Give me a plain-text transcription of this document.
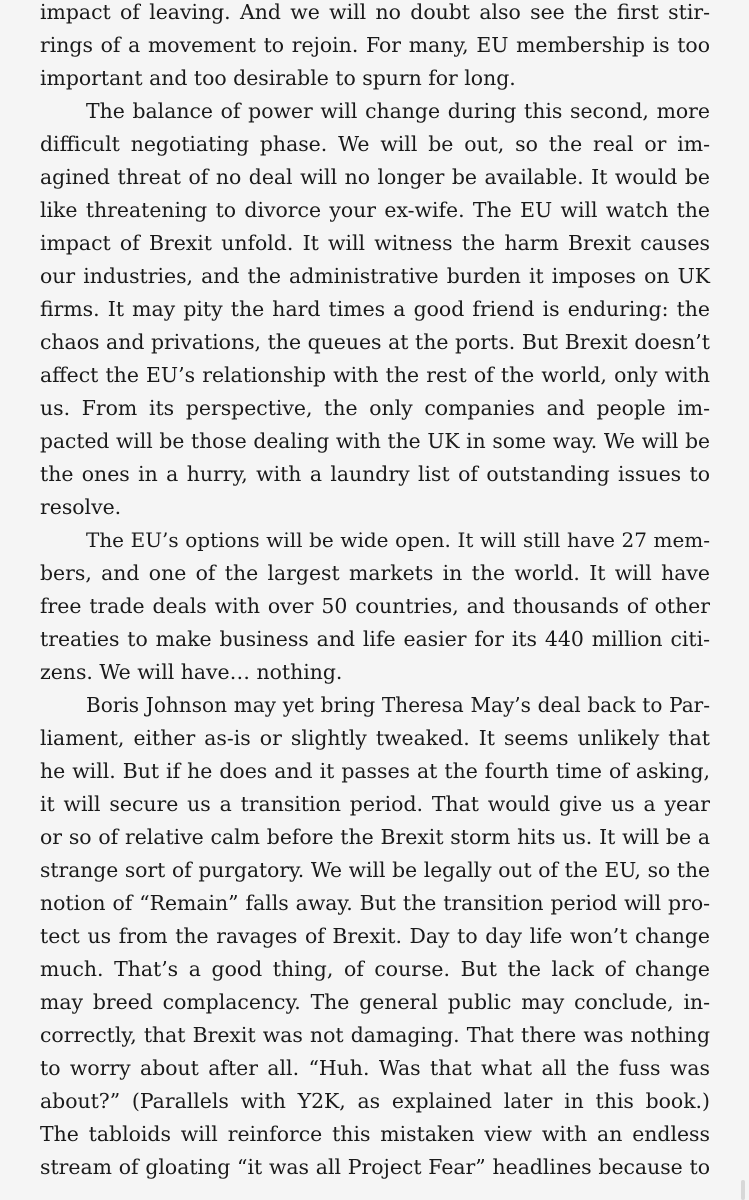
impact of leaving. And we will no doubt also see the first stir-
rings of a movement to rejoin. For many, EU membership is too
important and too desirable to spurn for long.
The balance of power will change during this second, more
difficult negotiating phase. We will be out, so the real or im-
agined threat of no deal will no longer be available. It would be
like threatening to divorce your ex-wife. The EU will watch the
impact of Brexit unfold. It will witness the harm Brexit causes
our industries, and the administrative burden it imposes on UK
firms. It may pity the hard times a good friend is enduring: the
chaos and privations, the queues at the ports. But Brexit doesn’t
affect the EU’s relationship with the rest of the world, only with
us. From its perspective, the only companies and people im-
pacted will be those dealing with the UK in some way. We will be
the ones in a hurry, with a laundry list of outstanding issues to
resolve.
The EU’s options will be wide open. It will still have 27 mem-
bers, and one of the largest markets in the world. It will have
free trade deals with over 50 countries, and thousands of other
treaties to make business and life easier for its 440 million citi-
zens. We will have… nothing.
Boris Johnson may yet bring Theresa May’s deal back to Par-
liament, either as-is or slightly tweaked. It seems unlikely that
he will. But if he does and it passes at the fourth time of asking,
it will secure us a transition period. That would give us a year
or so of relative calm before the Brexit storm hits us. It will be a
strange sort of purgatory. We will be legally out of the EU, so the
notion of “Remain” falls away. But the transition period will pro-
tect us from the ravages of Brexit. Day to day life won’t change
much. That’s a good thing, of course. But the lack of change
may breed complacency. The general public may conclude, in-
correctly, that Brexit was not damaging. That there was nothing
to worry about after all. “Huh. Was that what all the fuss was
about?” (Parallels with Y2K, as explained later in this book.)
The tabloids will reinforce this mistaken view with an endless
stream of gloating “it was all Project Fear” headlines because to
